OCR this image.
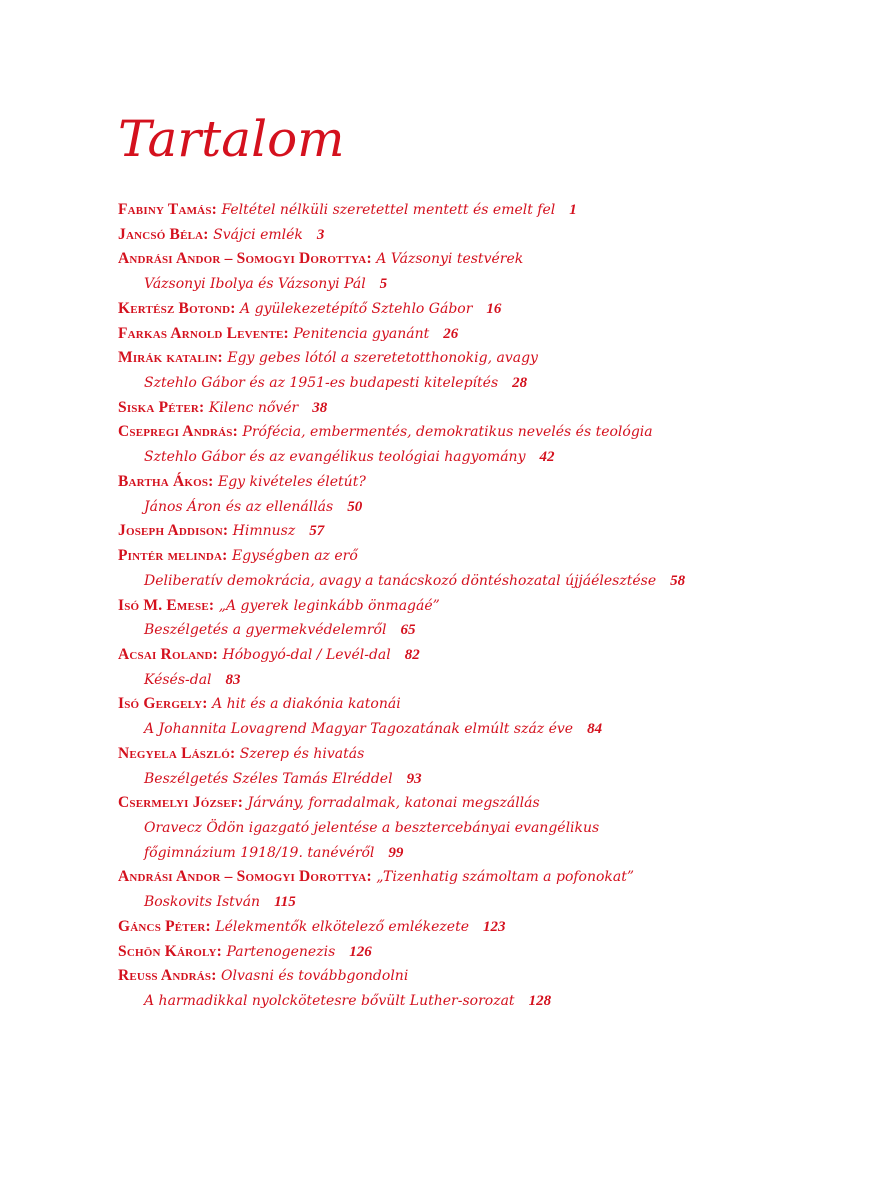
Tartalom
Fabiny Tamás: Feltétel nélküli szeretettel mentett és emelt fel 1
Jancsó Béla: Svájci emlék 3
Andrási Andor – Somogyi Dorottya: A Vázsonyi testvérek
Vázsonyi Ibolya és Vázsonyi Pál 5
Kertész Botond: A gyülekezetépítő Sztehlo Gábor 16
Farkas Arnold Levente: Penitencia gyanánt 26
Mirák katalin: Egy gebes lótól a szeretetotthonokig, avagy
Sztehlo Gábor és az 1951-es budapesti kitelepítés 28
Siska Péter: Kilenc nővér 38
Csepregi András: Prófécia, embermentés, demokratikus nevelés és teológia
Sztehlo Gábor és az evangélikus teológiai hagyomány 42
Bartha Ákos: Egy kivételes életút?
János Áron és az ellenállás 50
Joseph Addison: Himnusz 57
Pintér melinda: Egységben az erő
Deliberatív demokrácia, avagy a tanácskozó döntéshozatal újjáélesztése 58
Isó M. Emese: „A gyerek leginkább önmagáé”
Beszélgetés a gyermekvédelemről 65
Acsai Roland: Hóbogyó-dal / Levél-dal 82
Késés-dal 83
Isó Gergely: A hit és a diakónia katonái
A Johannita Lovagrend Magyar Tagozatának elmúlt száz éve 84
Negyela László: Szerep és hivatás
Beszélgetés Széles Tamás Elréddel 93
Csermelyi József: Járvány, forradalmak, katonai megszállás
Oravecz Ödön igazgató jelentése a besztercebányai evangélikus
főgimnázium 1918/19. tanévéről 99
Andrási Andor – Somogyi Dorottya: „Tizenhatig számoltam a pofonokat”
Boskovits István 115
Gáncs Péter: Lélekmentők elkötelező emlékezete 123
Schön Károly: Partenogenezis 126
Reuss András: Olvasni és továbbgondolni
A harmadikkal nyolckötetesre bővült Luther-sorozat 128
